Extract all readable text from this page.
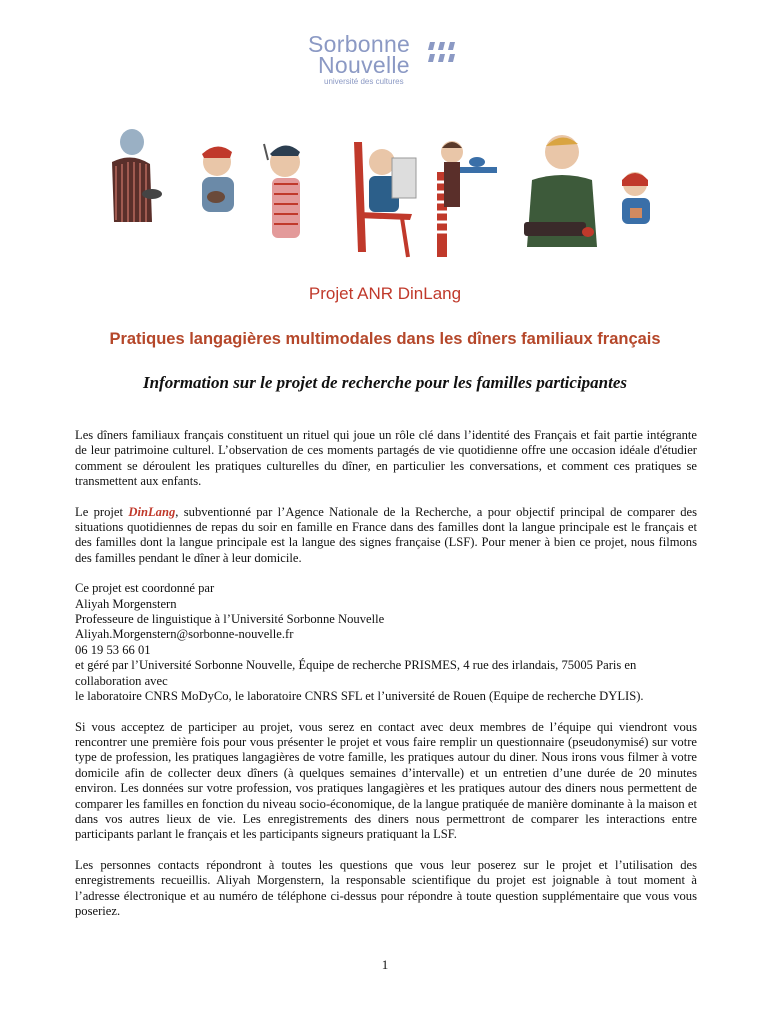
Sorbonne
Nouvelle
université des cultures
Projet ANR DinLang
Pratiques langagières multimodales dans les dîners familiaux français
Information sur le projet de recherche pour les familles participantes

Les dîners familiaux français constituent un rituel qui joue un rôle clé dans l’identité des Français et fait partie intégrante de leur patrimoine culturel. L’observation de ces moments partagés de vie quotidienne offre une occasion idéale d'étudier comment se déroulent les pratiques culturelles du dîner, en particulier les conversations, et comment ces pratiques se transmettent aux enfants.

Le projet DinLang, subventionné par l’Agence Nationale de la Recherche, a pour objectif principal de comparer des situations quotidiennes de repas du soir en famille en France dans des familles dont la langue principale est le français et des familles dont la langue principale est la langue des signes française (LSF). Pour mener à bien ce projet, nous filmons des familles pendant le dîner à leur domicile.

Ce projet est coordonné par
Aliyah Morgenstern
Professeure de linguistique à l’Université Sorbonne Nouvelle
Aliyah.Morgenstern@sorbonne-nouvelle.fr
06 19 53 66 01
et géré par l’Université Sorbonne Nouvelle, Équipe de recherche PRISMES, 4 rue des irlandais, 75005 Paris en collaboration avec
le laboratoire CNRS MoDyCo, le laboratoire CNRS SFL et l’université de Rouen (Equipe de recherche DYLIS).

Si vous acceptez de participer au projet, vous serez en contact avec deux membres de l’équipe qui viendront vous rencontrer une première fois pour vous présenter le projet et vous faire remplir un questionnaire (pseudonymisé) sur votre type de profession, les pratiques langagières de votre famille, les pratiques autour du diner. Nous irons vous filmer à votre domicile afin de collecter deux dîners (à quelques semaines d’intervalle) et un entretien d’une durée de 20 minutes environ. Les données sur votre profession, vos pratiques langagières et les pratiques autour des diners nous permettent de comparer les familles en fonction du niveau socio-économique, de la langue pratiquée de manière dominante à la maison et dans vos autres lieux de vie. Les enregistrements des diners nous permettront de comparer les interactions entre participants parlant le français et les participants signeurs pratiquant la LSF.

Les personnes contacts répondront à toutes les questions que vous leur poserez sur le projet et l’utilisation des enregistrements recueillis. Aliyah Morgenstern, la responsable scientifique du projet est joignable à tout moment à l’adresse électronique et au numéro de téléphone ci-dessus pour répondre à toute question supplémentaire que vous vous poseriez.

1
